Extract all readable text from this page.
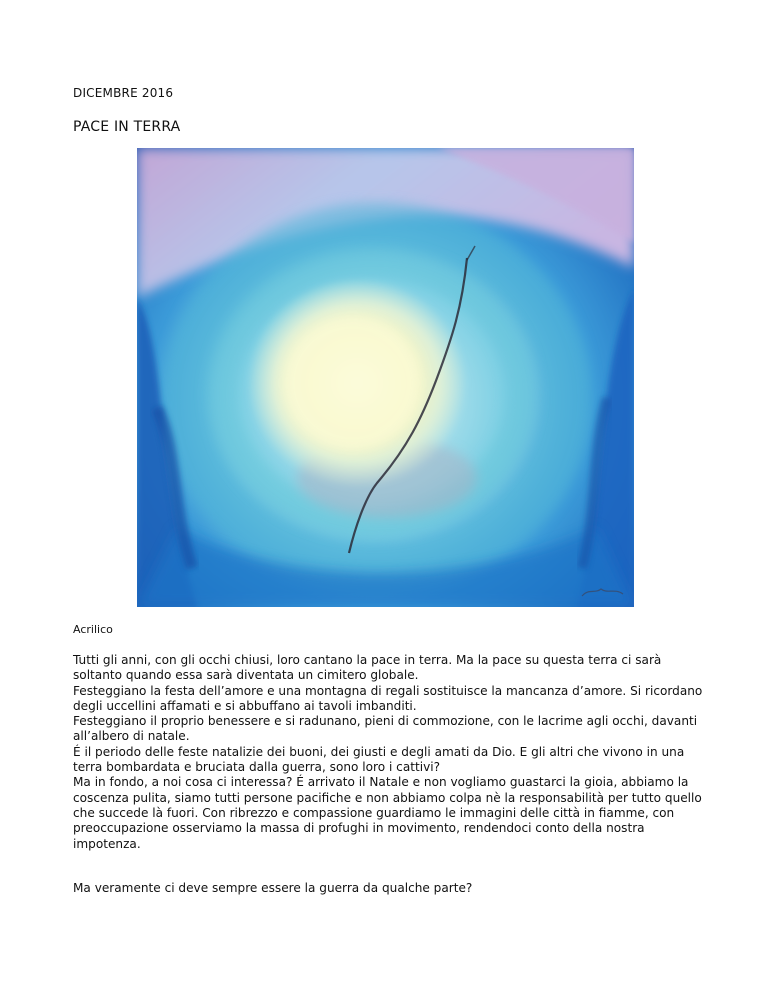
DICEMBRE 2016
PACE IN TERRA
Acrilico

Tutti gli anni, con gli occhi chiusi, loro cantano la pace in terra. Ma la pace su questa terra ci sarà soltanto quando essa sarà diventata un cimitero globale.

Festeggiano la festa dell’amore e una montagna di regali sostituisce la mancanza d’amore. Si ricordano degli uccellini affamati e si abbuffano ai tavoli imbanditi.

Festeggiano il proprio benessere e si radunano, pieni di commozione, con le lacrime agli occhi, davanti all’albero di natale.

É il periodo delle feste natalizie dei buoni, dei giusti e degli amati da Dio. E gli altri che vivono in una terra bombardata e bruciata dalla guerra, sono loro i cattivi?

Ma in fondo, a noi cosa ci interessa? É arrivato il Natale e non vogliamo guastarci la gioia, abbiamo la coscenza pulita, siamo tutti persone pacifiche e non abbiamo colpa nè la responsabilità per tutto quello che succede là fuori. Con ribrezzo e compassione guardiamo le immagini delle città in fiamme, con preoccupazione osserviamo la massa di profughi in movimento, rendendoci conto della nostra impotenza.

Ma veramente ci deve sempre essere la guerra da qualche parte?
